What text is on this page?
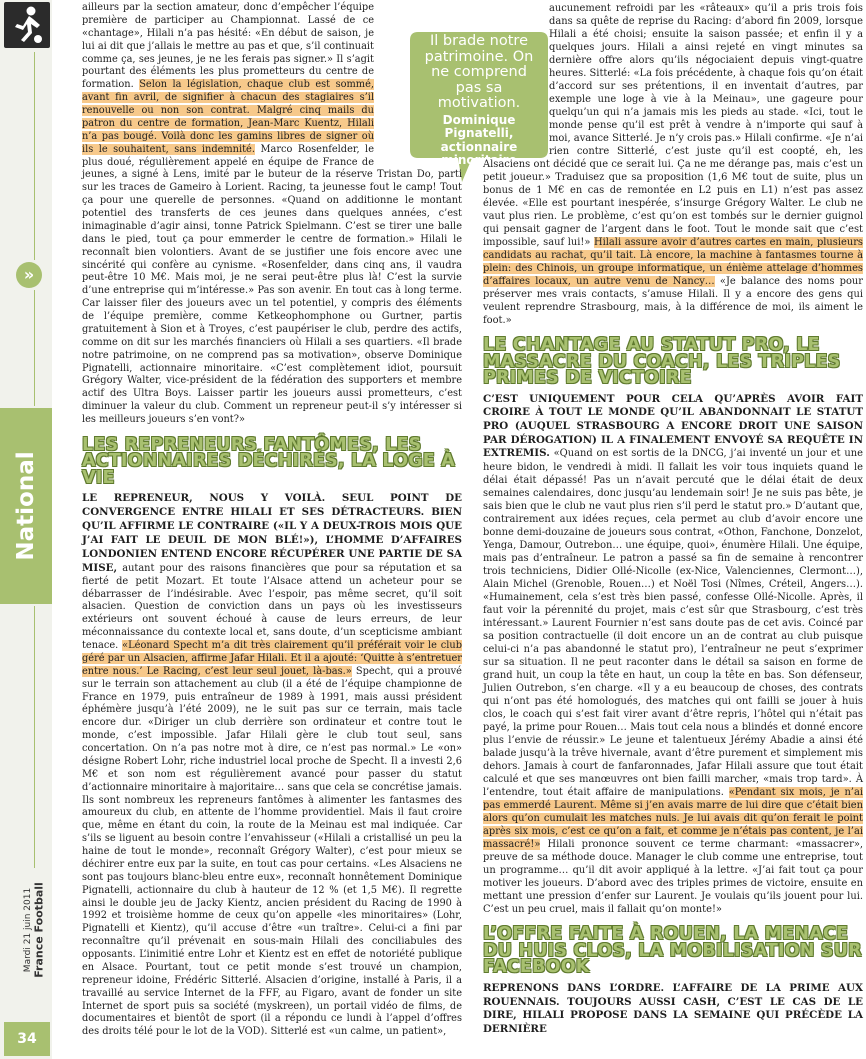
»
National
Mardi 21 juin 2011 France Football
34
Il brade notre patrimoine. On ne comprend pas sa motivation.
Dominique Pignatelli, actionnaire minoritaire

ailleurs par la section amateur, donc d’empêcher l’équipe première de participer au Championnat. Lassé de ce «chantage», Hilali n’a pas hésité: «En début de saison, je lui ai dit que j’allais le mettre au pas et que, s’il continuait comme ça, ses jeunes, je ne les ferais pas signer.» Il s’agit pourtant des éléments les plus prometteurs du centre de formation. Selon la législation, chaque club est sommé, avant fin avril, de signifier à chacun des stagiaires s’il renouvelle ou non son contrat. Malgré cinq mails du patron du centre de formation, Jean-Marc Kuentz, Hilali n’a pas bougé. Voilà donc les gamins libres de signer où ils le souhaitent, sans indemnité. Marco Rosenfelder, le plus doué, régulièrement appelé en équipe de France de jeunes, a signé à Lens, imité par le buteur de la réserve Tristan Do, parti sur les traces de Gameiro à Lorient. Racing, ta jeunesse fout le camp! Tout ça pour une querelle de personnes. «Quand on additionne le montant potentiel des transferts de ces jeunes dans quelques années, c’est inimaginable d’agir ainsi, tonne Patrick Spielmann. C’est se tirer une balle dans le pied, tout ça pour emmerder le centre de formation.» Hilali le reconnaît bien volontiers. Avant de se justifier une fois encore avec une sincérité qui confère au cynisme. «Rosenfelder, dans cinq ans, il vaudra peut-être 10 M€. Mais moi, je ne serai peut-être plus là! C’est la survie d’une entreprise qui m’intéresse.» Pas son avenir. En tout cas à long terme. Car laisser filer des joueurs avec un tel potentiel, y compris des éléments de l’équipe première, comme Ketkeophomphone ou Gurtner, partis gratuitement à Sion et à Troyes, c’est paupériser le club, perdre des actifs, comme on dit sur les marchés financiers où Hilali a ses quartiers. «Il brade notre patrimoine, on ne comprend pas sa motivation», observe Dominique Pignatelli, actionnaire minoritaire. «C’est complètement idiot, poursuit Grégory Walter, vice-président de la fédération des supporters et membre actif des Ultra Boys. Laisser partir les joueurs aussi prometteurs, c’est diminuer la valeur du club. Comment un repreneur peut-il s’y intéresser si les meilleurs joueurs s’en vont?»

LES REPRENEURS FANTÔMES, LES ACTIONNAIRES DÉCHIRÉS, LA LOGE À VIE

LE REPRENEUR, NOUS Y VOILÀ. SEUL POINT DE CONVERGENCE ENTRE HILALI ET SES DÉTRACTEURS. BIEN QU’IL AFFIRME LE CONTRAIRE («IL Y A DEUX-TROIS MOIS QUE J’AI FAIT LE DEUIL DE MON BLÉ!»), L’HOMME D’AFFAIRES LONDONIEN ENTEND ENCORE RÉCUPÉRER UNE PARTIE DE SA MISE, autant pour des raisons financières que pour sa réputation et sa fierté de petit Mozart. Et toute l’Alsace attend un acheteur pour se débarrasser de l’indésirable. Avec l’espoir, pas même secret, qu’il soit alsacien. Question de conviction dans un pays où les investisseurs extérieurs ont souvent échoué à cause de leurs erreurs, de leur méconnaissance du contexte local et, sans doute, d’un scepticisme ambiant tenace. «Léonard Specht m’a dit très clairement qu’il préférait voir le club géré par un Alsacien, affirme Jafar Hilali. Et il a ajouté: ‘Quitte à s’entretuer entre nous.’ Le Racing, c’est leur seul jouet, là-bas.» Specht, qui a prouvé sur le terrain son attachement au club (il a été de l’équipe championne de France en 1979, puis entraîneur de 1989 à 1991, mais aussi président éphémère jusqu’à l’été 2009), ne le suit pas sur ce terrain, mais tacle encore dur. «Diriger un club derrière son ordinateur et contre tout le monde, c’est impossible. Jafar Hilali gère le club tout seul, sans concertation. On n’a pas notre mot à dire, ce n’est pas normal.» Le «on» désigne Robert Lohr, riche industriel local proche de Specht. Il a investi 2,6 M€ et son nom est régulièrement avancé pour passer du statut d’actionnaire minoritaire à majoritaire… sans que cela se concrétise jamais. Ils sont nombreux les repreneurs fantômes à alimenter les fantasmes des amoureux du club, en attente de l’homme providentiel. Mais il faut croire que, même en étant du coin, la route de la Meinau est mal indiquée. Car s’ils se liguent au besoin contre l’envahisseur («Hilali a cristallisé un peu la haine de tout le monde», reconnaît Grégory Walter), c’est pour mieux se déchirer entre eux par la suite, en tout cas pour certains. «Les Alsaciens ne sont pas toujours blanc-bleu entre eux», reconnaît honnêtement Dominique Pignatelli, actionnaire du club à hauteur de 12 % (et 1,5 M€). Il regrette ainsi le double jeu de Jacky Kientz, ancien président du Racing de 1990 à 1992 et troisième homme de ceux qu’on appelle «les minoritaires» (Lohr, Pignatelli et Kientz), qu’il accuse d’être «un traître». Celui-ci a fini par reconnaître qu’il prévenait en sous-main Hilali des conciliabules des opposants. L’inimitié entre Lohr et Kientz est en effet de notoriété publique en Alsace. Pourtant, tout ce petit monde s’est trouvé un champion, repreneur idoine, Frédéric Sitterlé. Alsacien d’origine, installé à Paris, il a travaillé au service Internet de la FFF, au Figaro, avant de fonder un site Internet de sport puis sa société (myskreen), un portail vidéo de films, de documentaires et bientôt de sport (il a répondu ce lundi à l’appel d’offres des droits télé pour le lot de la VOD). Sitterlé est «un calme, un patient»,

aucunement refroidi par les «râteaux» qu’il a pris trois fois dans sa quête de reprise du Racing: d’abord fin 2009, lorsque Hilali a été choisi; ensuite la saison passée; et enfin il y a quelques jours. Hilali a ainsi rejeté en vingt minutes sa dernière offre alors qu’ils négociaient depuis vingt-quatre heures. Sitterlé: «La fois précédente, à chaque fois qu’on était d’accord sur ses prétentions, il en inventait d’autres, par exemple une loge à vie à la Meinau», une gageure pour quelqu’un qui n’a jamais mis les pieds au stade. «Ici, tout le monde pense qu’il est prêt à vendre à n’importe qui sauf à moi, avance Sitterlé. Je n’y crois pas.» Hilali confirme. «Je n’ai rien contre Sitterlé, c’est juste qu’il est coopté, eh, les Alsaciens ont décidé que ce serait lui. Ça ne me dérange pas, mais c’est un petit joueur.» Traduisez que sa proposition (1,6 M€ tout de suite, plus un bonus de 1 M€ en cas de remontée en L2 puis en L1) n’est pas assez élevée. «Elle est pourtant inespérée, s’insurge Grégory Walter. Le club ne vaut plus rien. Le problème, c’est qu’on est tombés sur le dernier guignol qui pensait gagner de l’argent dans le foot. Tout le monde sait que c’est impossible, sauf lui!» Hilali assure avoir d’autres cartes en main, plusieurs candidats au rachat, qu’il tait. Là encore, la machine à fantasmes tourne à plein: des Chinois, un groupe informatique, un énième attelage d’hommes d’affaires locaux, un autre venu de Nancy… «Je balance des noms pour préserver mes vrais contacts, s’amuse Hilali. Il y a encore des gens qui veulent reprendre Strasbourg, mais, à la différence de moi, ils aiment le foot.»

LE CHANTAGE AU STATUT PRO, LE MASSACRE DU COACH, LES TRIPLES PRIMES DE VICTOIRE

C’EST UNIQUEMENT POUR CELA QU’APRÈS AVOIR FAIT CROIRE À TOUT LE MONDE QU’IL ABANDONNAIT LE STATUT PRO (AUQUEL STRASBOURG A ENCORE DROIT UNE SAISON PAR DÉROGATION) IL A FINALEMENT ENVOYÉ SA REQUÊTE IN EXTREMIS. «Quand on est sortis de la DNCG, j’ai inventé un jour et une heure bidon, le vendredi à midi. Il fallait les voir tous inquiets quand le délai était dépassé! Pas un n’avait percuté que le délai était de deux semaines calendaires, donc jusqu’au lendemain soir! Je ne suis pas bête, je sais bien que le club ne vaut plus rien s’il perd le statut pro.» D’autant que, contrairement aux idées reçues, cela permet au club d’avoir encore une bonne demi-douzaine de joueurs sous contrat, «Othon, Fanchone, Donzelot, Yenga, Damour, Outrebon… une équipe, quoi», énumère Hilali. Une équipe, mais pas d’entraîneur. Le patron a passé sa fin de semaine à rencontrer trois techniciens, Didier Ollé-Nicolle (ex-Nice, Valenciennes, Clermont…), Alain Michel (Grenoble, Rouen…) et Noël Tosi (Nîmes, Créteil, Angers…). «Humainement, cela s’est très bien passé, confesse Ollé-Nicolle. Après, il faut voir la pérennité du projet, mais c’est sûr que Strasbourg, c’est très intéressant.» Laurent Fournier n’est sans doute pas de cet avis. Coincé par sa position contractuelle (il doit encore un an de contrat au club puisque celui-ci n’a pas abandonné le statut pro), l’entraîneur ne peut s’exprimer sur sa situation. Il ne peut raconter dans le détail sa saison en forme de grand huit, un coup la tête en haut, un coup la tête en bas. Son défenseur, Julien Outrebon, s’en charge. «Il y a eu beaucoup de choses, des contrats qui n’ont pas été homologués, des matches qui ont failli se jouer à huis clos, le coach qui s’est fait virer avant d’être repris, l’hôtel qui n’était pas payé, la prime pour Rouen… Mais tout cela nous a blindés et donné encore plus l’envie de réussir.» Le jeune et talentueux Jérémy Abadie a ainsi été balade jusqu’à la trêve hivernale, avant d’être purement et simplement mis dehors. Jamais à court de fanfaronnades, Jafar Hilali assure que tout était calculé et que ses manœuvres ont bien failli marcher, «mais trop tard». À l’entendre, tout était affaire de manipulations. «Pendant six mois, je n’ai pas emmerdé Laurent. Même si j’en avais marre de lui dire que c’était bien alors qu’on cumulait les matches nuls. Je lui avais dit qu’on ferait le point après six mois, c’est ce qu’on a fait, et comme je n’étais pas content, je l’ai massacré!» Hilali prononce souvent ce terme charmant: «massacrer», preuve de sa méthode douce. Manager le club comme une entreprise, tout un programme… qu’il dit avoir appliqué à la lettre. «J’ai fait tout ça pour motiver les joueurs. D’abord avec des triples primes de victoire, ensuite en mettant une pression d’enfer sur Laurent. Je voulais qu’ils jouent pour lui. C’est un peu cruel, mais il fallait qu’on monte!»

L’OFFRE FAITE À ROUEN, LA MENACE DU HUIS CLOS, LA MOBILISATION SUR FACEBOOK

REPRENONS DANS L’ORDRE. L’AFFAIRE DE LA PRIME AUX ROUENNAIS. TOUJOURS AUSSI CASH, C’EST LE CAS DE LE DIRE, HILALI PROPOSE DANS LA SEMAINE QUI PRÉCÈDE LA DERNIÈRE
